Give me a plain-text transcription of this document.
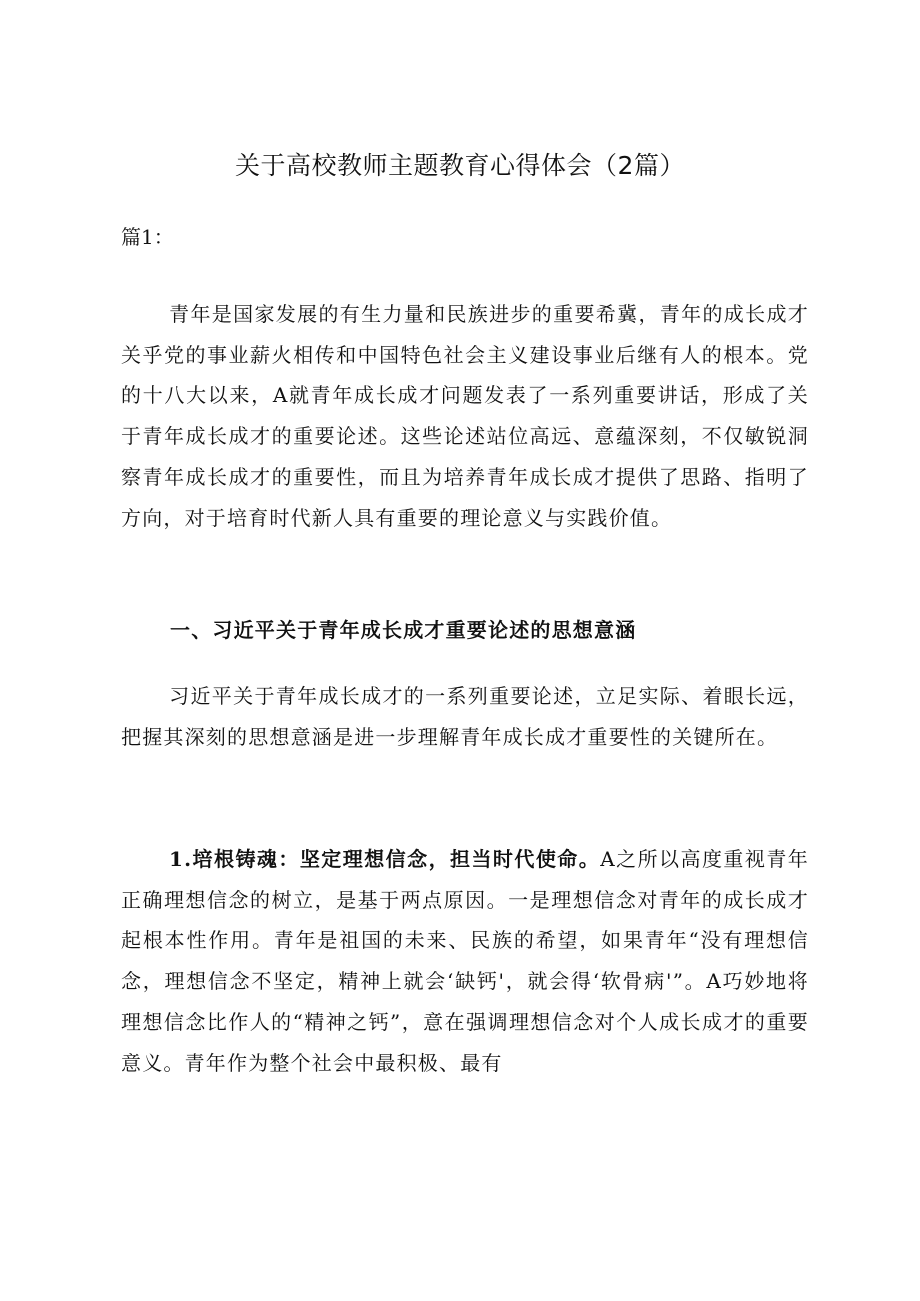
关于高校教师主题教育心得体会（2篇）
篇1：

青年是国家发展的有生力量和民族进步的重要希冀，青年的成长成才关乎党的事业薪火相传和中国特色社会主义建设事业后继有人的根本。党的十八大以来，A就青年成长成才问题发表了一系列重要讲话，形成了关于青年成长成才的重要论述。这些论述站位高远、意蕴深刻，不仅敏锐洞察青年成长成才的重要性，而且为培养青年成长成才提供了思路、指明了方向，对于培育时代新人具有重要的理论意义与实践价值。

一、习近平关于青年成长成才重要论述的思想意涵

习近平关于青年成长成才的一系列重要论述，立足实际、着眼长远，把握其深刻的思想意涵是进一步理解青年成长成才重要性的关键所在。

1.培根铸魂：坚定理想信念，担当时代使命。A之所以高度重视青年正确理想信念的树立，是基于两点原因。一是理想信念对青年的成长成才起根本性作用。青年是祖国的未来、民族的希望，如果青年“没有理想信念，理想信念不坚定，精神上就会‘缺钙'，就会得‘软骨病'”。A巧妙地将理想信念比作人的“精神之钙”，意在强调理想信念对个人成长成才的重要意义。青年作为整个社会中最积极、最有
